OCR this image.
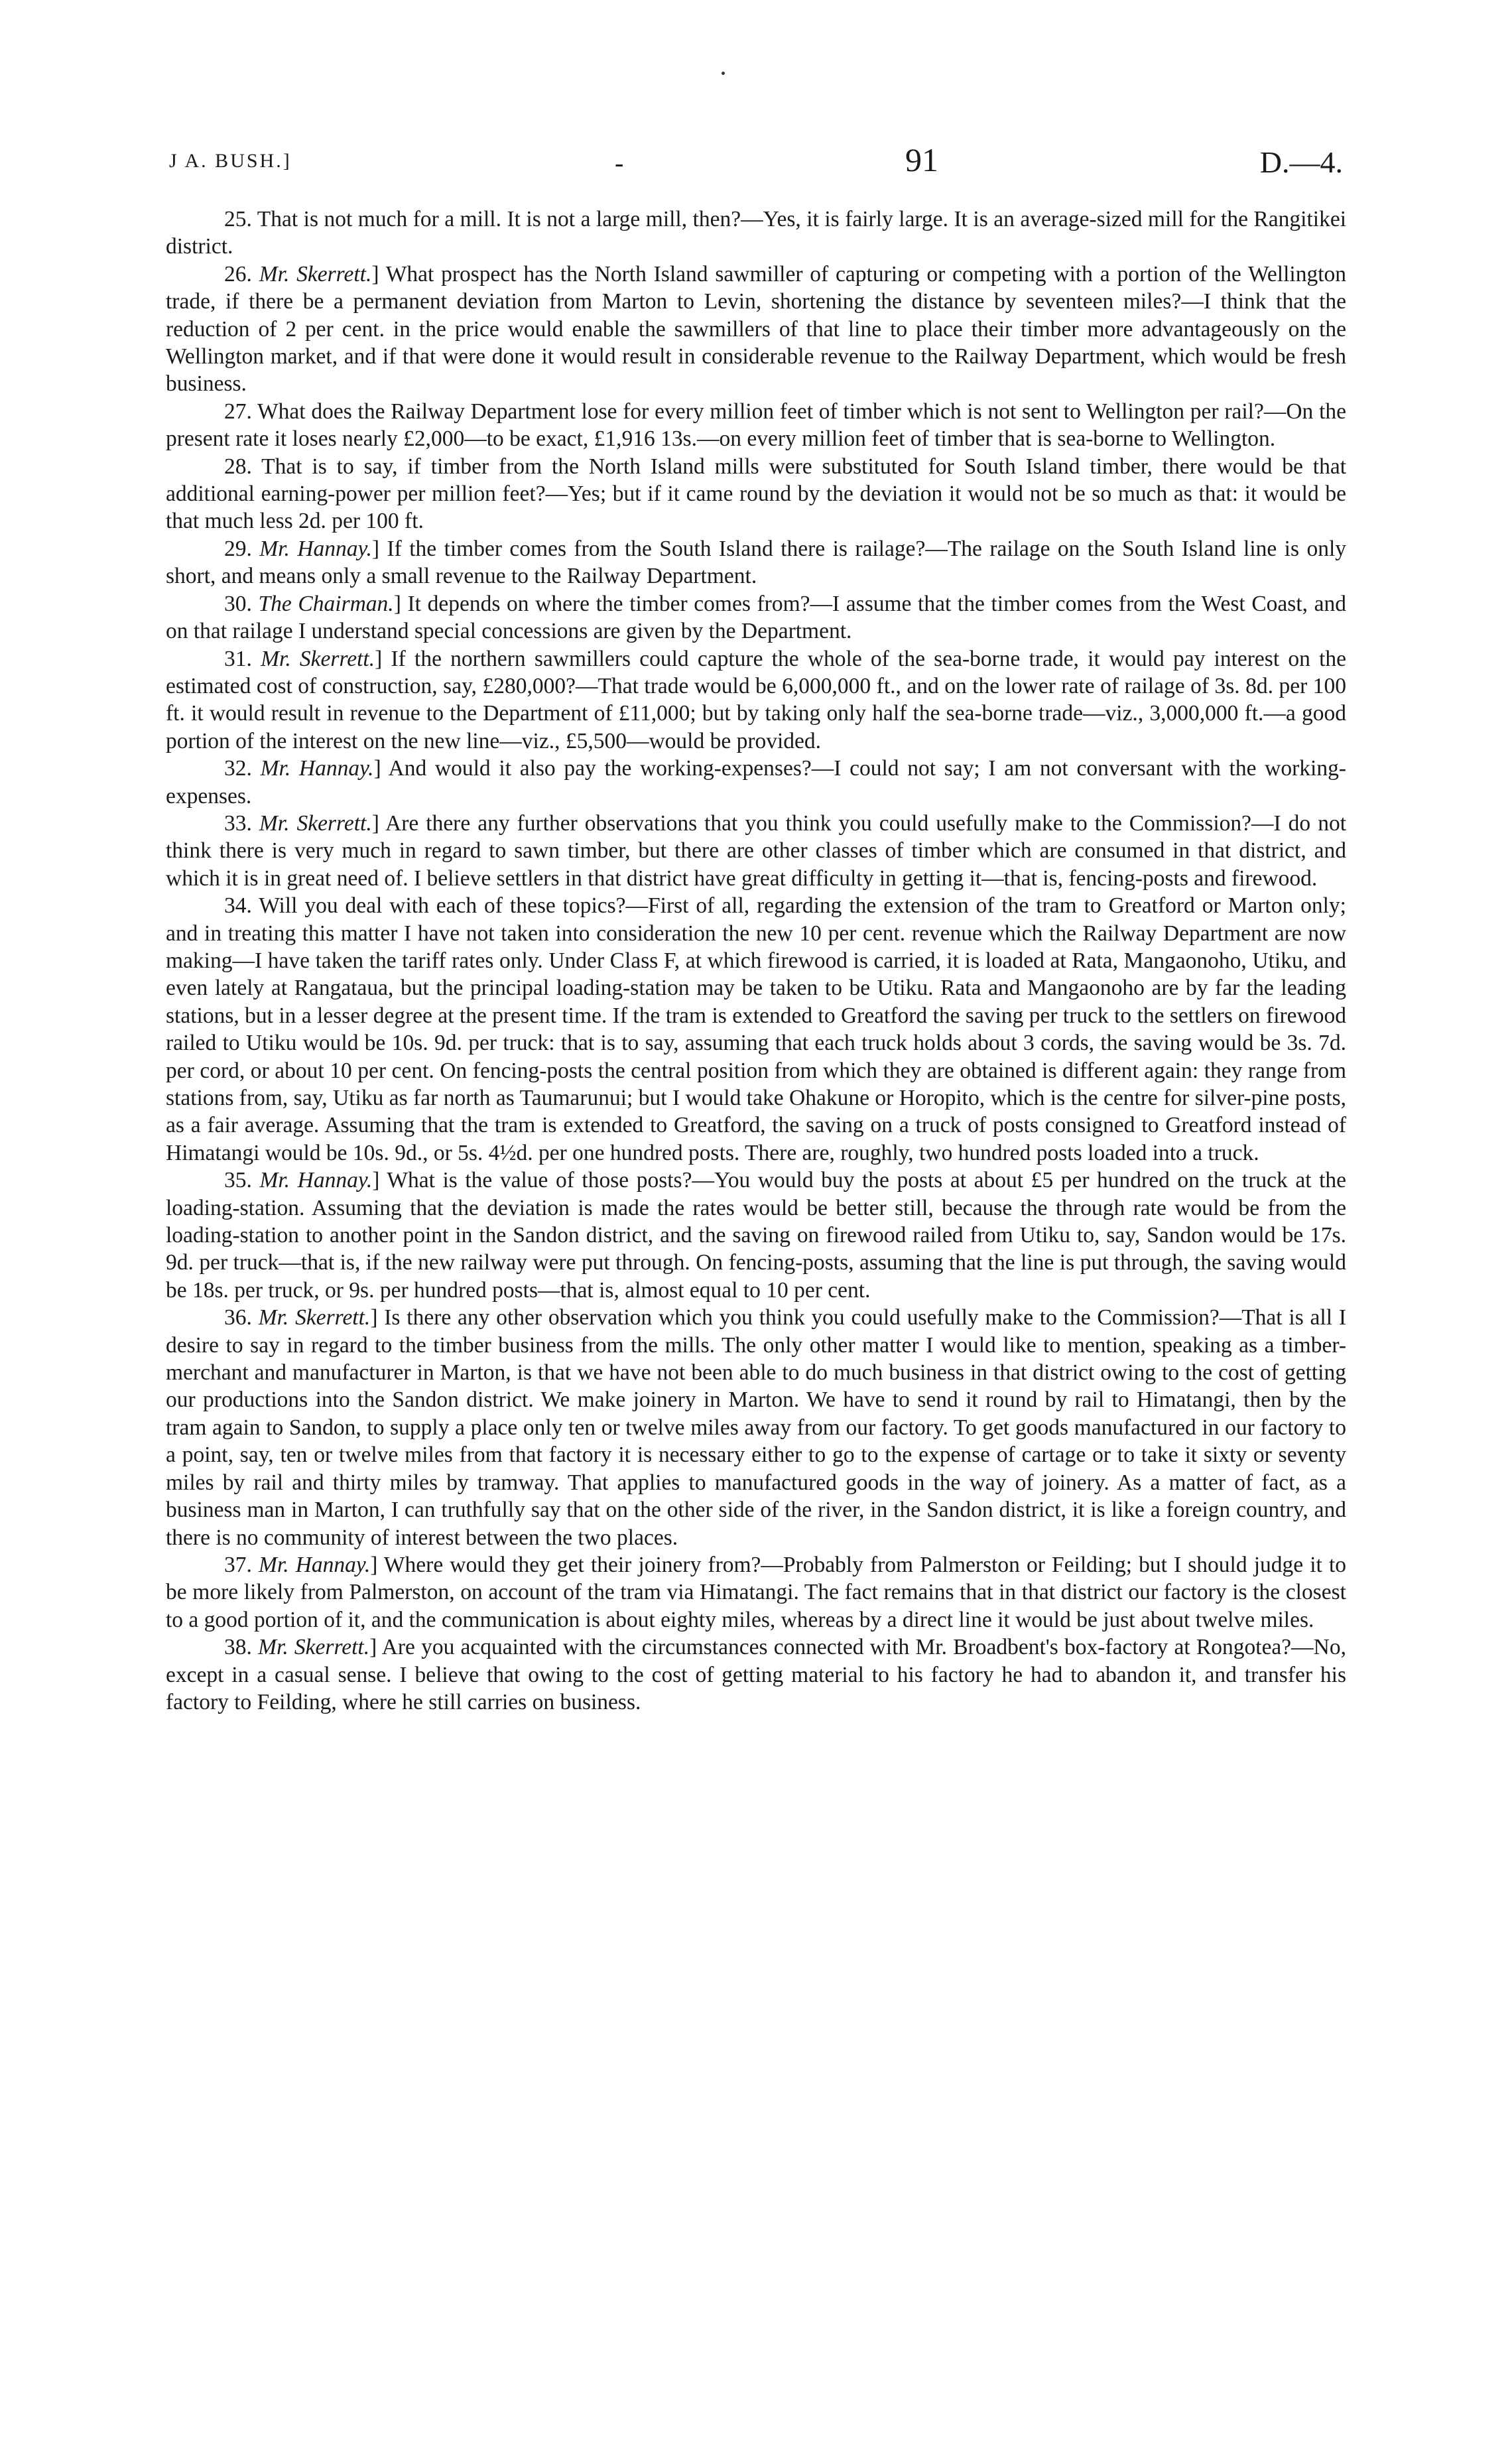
J A. BUSH.]	-	91	D.—4.

25. That is not much for a mill. It is not a large mill, then?—Yes, it is fairly large. It is an average-sized mill for the Rangitikei district.

26. Mr. Skerrett.] What prospect has the North Island sawmiller of capturing or competing with a portion of the Wellington trade, if there be a permanent deviation from Marton to Levin, shortening the distance by seventeen miles?—I think that the reduction of 2 per cent. in the price would enable the sawmillers of that line to place their timber more advantageously on the Wellington market, and if that were done it would result in considerable revenue to the Railway Department, which would be fresh business.

27. What does the Railway Department lose for every million feet of timber which is not sent to Wellington per rail?—On the present rate it loses nearly £2,000—to be exact, £1,916 13s.—on every million feet of timber that is sea-borne to Wellington.

28. That is to say, if timber from the North Island mills were substituted for South Island timber, there would be that additional earning-power per million feet?—Yes; but if it came round by the deviation it would not be so much as that: it would be that much less 2d. per 100 ft.

29. Mr. Hannay.] If the timber comes from the South Island there is railage?—The railage on the South Island line is only short, and means only a small revenue to the Railway Department.

30. The Chairman.] It depends on where the timber comes from?—I assume that the timber comes from the West Coast, and on that railage I understand special concessions are given by the Department.

31. Mr. Skerrett.] If the northern sawmillers could capture the whole of the sea-borne trade, it would pay interest on the estimated cost of construction, say, £280,000?—That trade would be 6,000,000 ft., and on the lower rate of railage of 3s. 8d. per 100 ft. it would result in revenue to the Department of £11,000; but by taking only half the sea-borne trade—viz., 3,000,000 ft.—a good portion of the interest on the new line—viz., £5,500—would be provided.

32. Mr. Hannay.] And would it also pay the working-expenses?—I could not say; I am not conversant with the working-expenses.

33. Mr. Skerrett.] Are there any further observations that you think you could usefully make to the Commission?—I do not think there is very much in regard to sawn timber, but there are other classes of timber which are consumed in that district, and which it is in great need of. I believe settlers in that district have great difficulty in getting it—that is, fencing-posts and firewood.

34. Will you deal with each of these topics?—First of all, regarding the extension of the tram to Greatford or Marton only; and in treating this matter I have not taken into consideration the new 10 per cent. revenue which the Railway Department are now making—I have taken the tariff rates only. Under Class F, at which firewood is carried, it is loaded at Rata, Mangaonoho, Utiku, and even lately at Rangataua, but the principal loading-station may be taken to be Utiku. Rata and Mangaonoho are by far the leading stations, but in a lesser degree at the present time. If the tram is extended to Greatford the saving per truck to the settlers on firewood railed to Utiku would be 10s. 9d. per truck: that is to say, assuming that each truck holds about 3 cords, the saving would be 3s. 7d. per cord, or about 10 per cent. On fencing-posts the central position from which they are obtained is different again: they range from stations from, say, Utiku as far north as Taumarunui; but I would take Ohakune or Horopito, which is the centre for silver-pine posts, as a fair average. Assuming that the tram is extended to Greatford, the saving on a truck of posts consigned to Greatford instead of Himatangi would be 10s. 9d., or 5s. 4½d. per one hundred posts. There are, roughly, two hundred posts loaded into a truck.

35. Mr. Hannay.] What is the value of those posts?—You would buy the posts at about £5 per hundred on the truck at the loading-station. Assuming that the deviation is made the rates would be better still, because the through rate would be from the loading-station to another point in the Sandon district, and the saving on firewood railed from Utiku to, say, Sandon would be 17s. 9d. per truck—that is, if the new railway were put through. On fencing-posts, assuming that the line is put through, the saving would be 18s. per truck, or 9s. per hundred posts—that is, almost equal to 10 per cent.

36. Mr. Skerrett.] Is there any other observation which you think you could usefully make to the Commission?—That is all I desire to say in regard to the timber business from the mills. The only other matter I would like to mention, speaking as a timber-merchant and manufacturer in Marton, is that we have not been able to do much business in that district owing to the cost of getting our productions into the Sandon district. We make joinery in Marton. We have to send it round by rail to Himatangi, then by the tram again to Sandon, to supply a place only ten or twelve miles away from our factory. To get goods manufactured in our factory to a point, say, ten or twelve miles from that factory it is necessary either to go to the expense of cartage or to take it sixty or seventy miles by rail and thirty miles by tramway. That applies to manufactured goods in the way of joinery. As a matter of fact, as a business man in Marton, I can truthfully say that on the other side of the river, in the Sandon district, it is like a foreign country, and there is no community of interest between the two places.

37. Mr. Hannay.] Where would they get their joinery from?—Probably from Palmerston or Feilding; but I should judge it to be more likely from Palmerston, on account of the tram via Himatangi. The fact remains that in that district our factory is the closest to a good portion of it, and the communication is about eighty miles, whereas by a direct line it would be just about twelve miles.

38. Mr. Skerrett.] Are you acquainted with the circumstances connected with Mr. Broadbent's box-factory at Rongotea?—No, except in a casual sense. I believe that owing to the cost of getting material to his factory he had to abandon it, and transfer his factory to Feilding, where he still carries on business.
